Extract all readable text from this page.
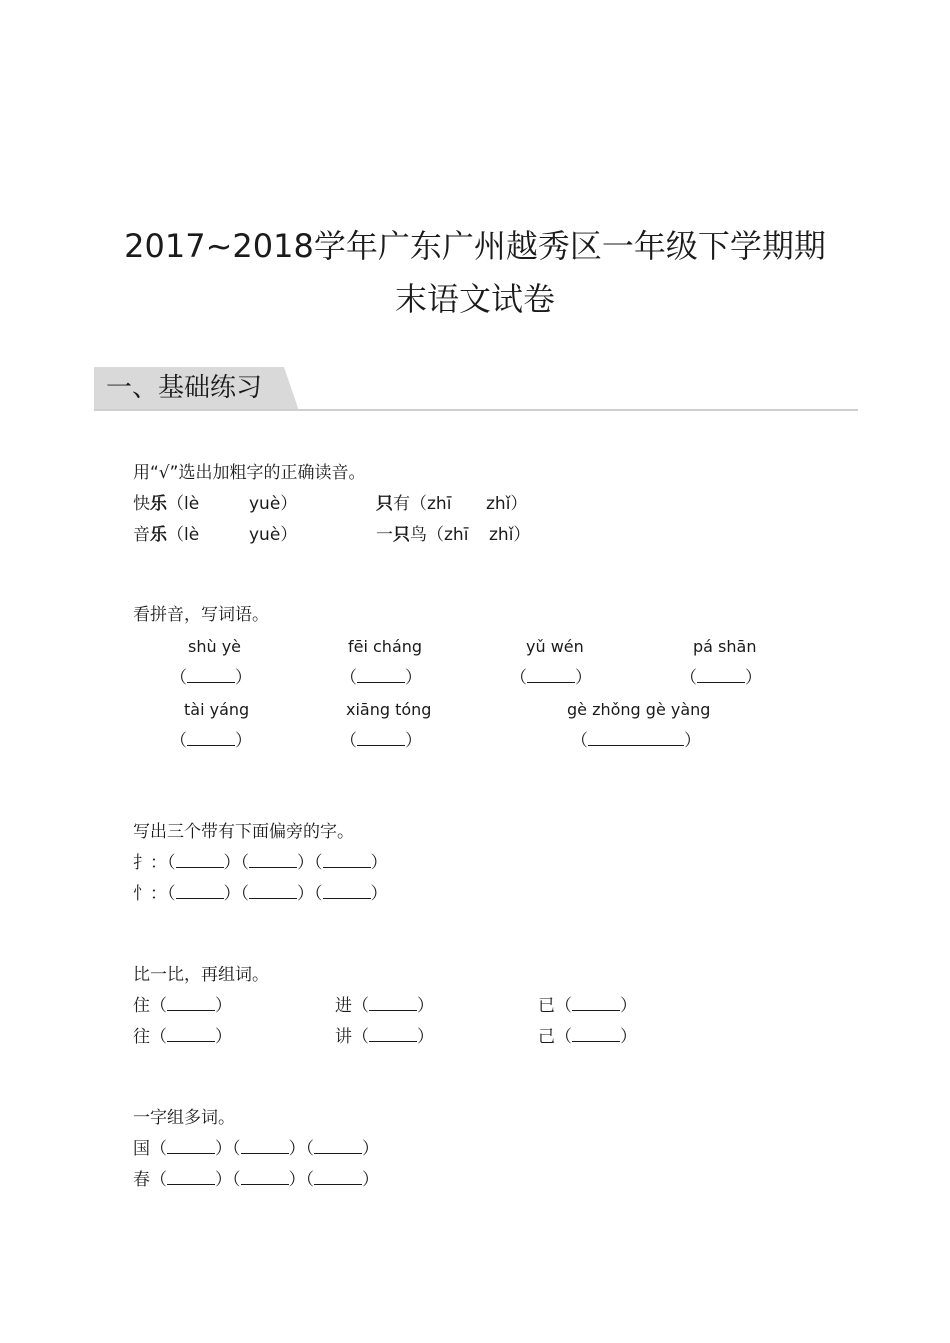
2017~2018学年广东广州越秀区一年级下学期期
末语文试卷
一、基础练习
用“√”选出加粗字的正确读音。
快乐（lè	yuè）	只有（zhī zhǐ）
音乐（lè	yuè）	一只鸟（zhī zhǐ）
看拼音，写词语。
shù yè	fēi cháng	yǔ wén	pá shān
（	）	（	）	（	）	（	）
tài yáng	xiāng tóng	gè zhǒng gè yàng
（	）	（	）	（	）
写出三个带有下面偏旁的字。
扌：（	）（	）（	）
忄：（	）（	）（	）
比一比，再组词。
住（	）	进（	）	已（	）
往（	）	讲（	）	己（	）
一字组多词。
国（	）（	）（	）
春（	）（	）（	）
